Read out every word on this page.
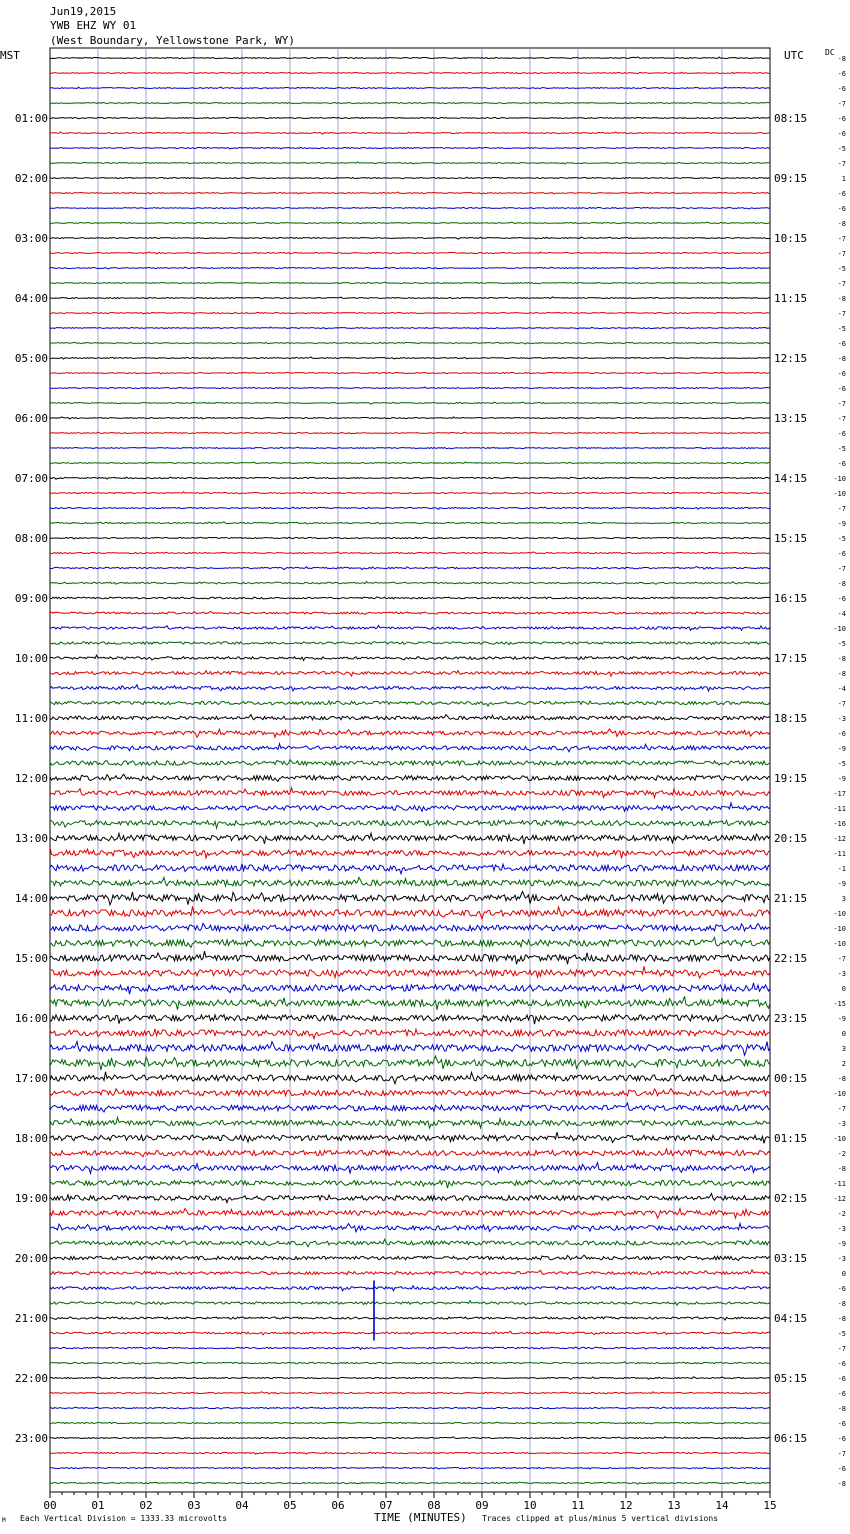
Jun19,2015
YWB EHZ WY 01
(West Boundary, Yellowstone Park, WY)
MST	UTC	DC
00	01	02	03	04	05	06	07	08	09	10	11	12	13	14	15
-8
-6
-6
-7
-6
-6
-5
-7
1
-6
-6
-8
-7
-7
-5
-7
-8
-7
-5
-6
-8
-6
-6
-7
-7
-6
-5
-6
-10
-10
-7
-9
-5
-6
-7
-8
-6
-4
-10
-5
-8
-8
-4
-7
-3
-6
-9
-5
-9
-17
-11
-16
-12
-11
-1
-9
3
-10
-10
-10
-7
-3
0
-15
-9
0
3
2
-8
-10
-7
-3
-10
-2
-8
-11
-12
-2
-3
-9
-3
0
-6
-8
-8
-5
-7
-6
-6
-6
-8
-6
-6
-7
-6
-8
01:00	08:15
02:00	09:15
03:00	10:15
04:00	11:15
05:00	12:15
06:00	13:15
07:00	14:15
08:00	15:15
09:00	16:15
10:00	17:15
11:00	18:15
12:00	19:15
13:00	20:15
14:00	21:15
15:00	22:15
16:00	23:15
17:00	00:15
18:00	01:15
19:00	02:15
20:00	03:15
21:00	04:15
22:00	05:15
23:00	06:15
TIME (MINUTES)
Each Vertical Division = 1333.33 microvolts	Traces clipped at plus/minus 5 vertical divisions
M
